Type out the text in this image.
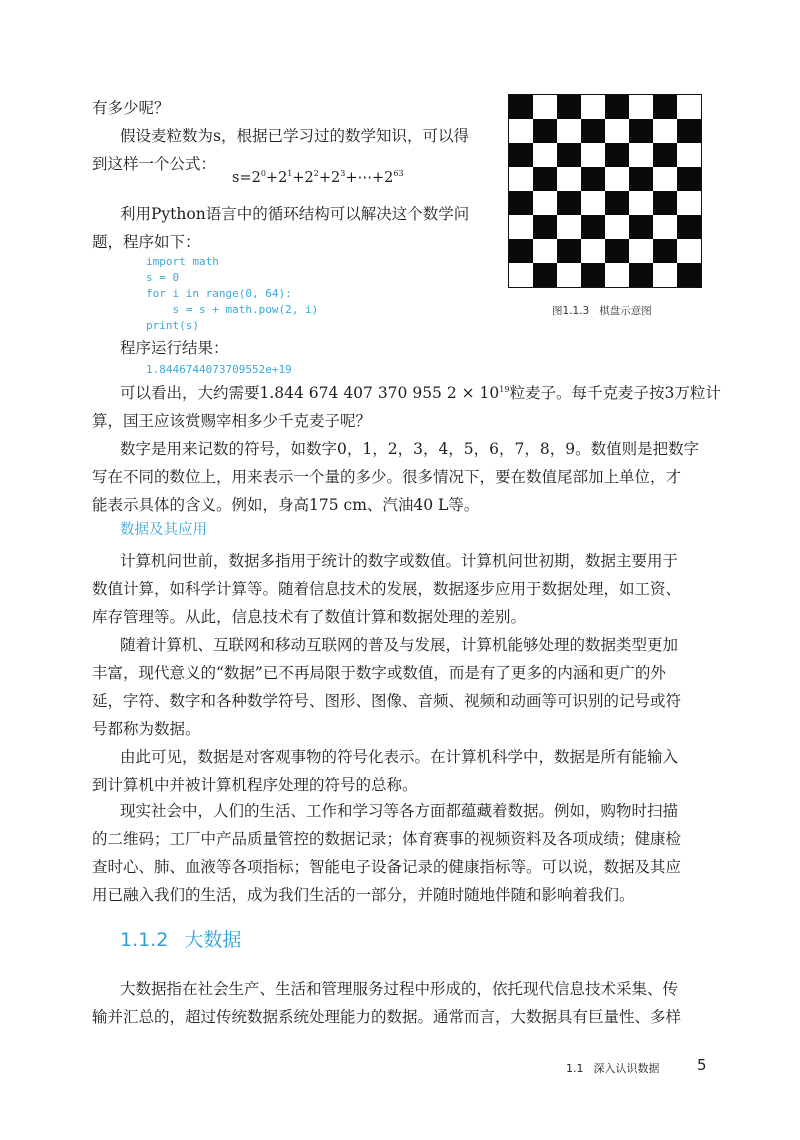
有多少呢？

假设麦粒数为s，根据已学习过的数学知识，可以得

到这样一个公式：

$s=2^0+2^1+2^2+2^3+\cdots+2^{63}$

利用Python语言中的循环结构可以解决这个数学问

题，程序如下：

import math

s = 0

for i in range(0, 64):

s = s + math.pow(2, i)

print(s)

图1.1.3 棋盘示意图

程序运行结果：

1.8446744073709552e+19

可以看出，大约需要1.844 674 407 370 955 $2 \times 10^{19}$粒麦子。每千克麦子按3万粒计

算，国王应该赏赐宰相多少千克麦子呢？

数字是用来记数的符号，如数字0，1，2，3，4，5，6，7，8，9。数值则是把数字

写在不同的数位上，用来表示一个量的多少。很多情况下，要在数值尾部加上单位，才

能表示具体的含义。例如，身高175 cm、汽油40 L等。

数据及其应用

计算机问世前，数据多指用于统计的数字或数值。计算机问世初期，数据主要用于

数值计算，如科学计算等。随着信息技术的发展，数据逐步应用于数据处理，如工资、

库存管理等。从此，信息技术有了数值计算和数据处理的差别。

随着计算机、互联网和移动互联网的普及与发展，计算机能够处理的数据类型更加

丰富，现代意义的“数据”已不再局限于数字或数值，而是有了更多的内涵和更广的外

延，字符、数字和各种数学符号、图形、图像、音频、视频和动画等可识别的记号或符

号都称为数据。

由此可见，数据是对客观事物的符号化表示。在计算机科学中，数据是所有能输入

到计算机中并被计算机程序处理的符号的总称。

现实社会中，人们的生活、工作和学习等各方面都蕴藏着数据。例如，购物时扫描

的二维码；工厂中产品质量管控的数据记录；体育赛事的视频资料及各项成绩；健康检

查时心、肺、血液等各项指标；智能电子设备记录的健康指标等。可以说，数据及其应

用已融入我们的生活，成为我们生活的一部分，并随时随地伴随和影响着我们。

1.1.2 大数据

大数据指在社会生产、生活和管理服务过程中形成的，依托现代信息技术采集、传

输并汇总的，超过传统数据系统处理能力的数据。通常而言，大数据具有巨量性、多样

1.1 深入认识数据	5
